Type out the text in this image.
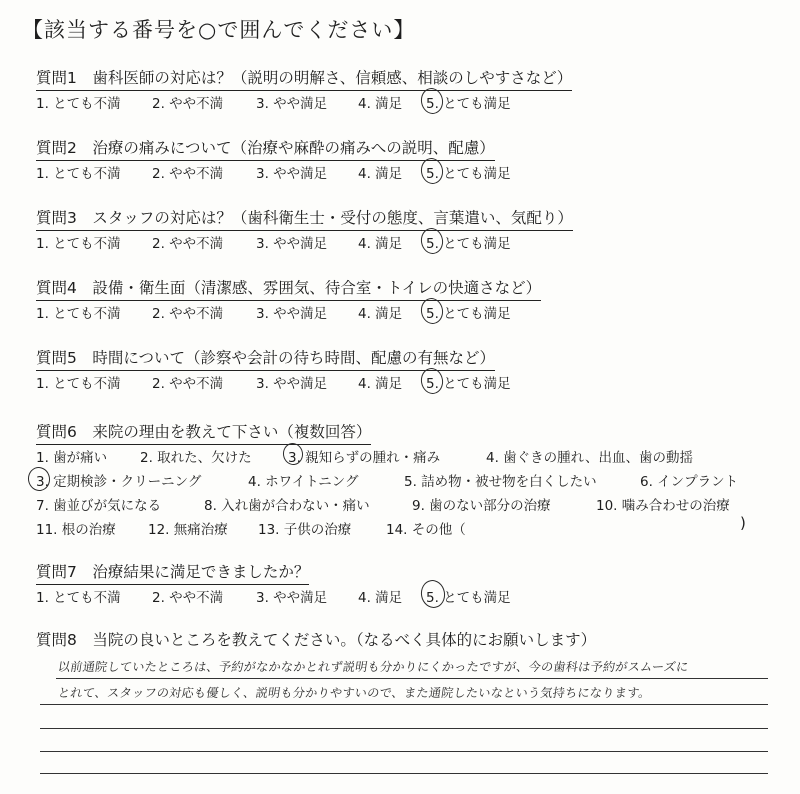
【該当する番号を○で囲んでください】
質問1　歯科医師の対応は？（説明の明解さ、信頼感、相談のしやすさなど）
1. とても不満 2. やや不満 3. やや満足 4. 満足 5. とても満足
質問2　治療の痛みについて（治療や麻酔の痛みへの説明、配慮）
1. とても不満 2. やや不満 3. やや満足 4. 満足 5. とても満足
質問3　スタッフの対応は？（歯科衛生士・受付の態度、言葉遣い、気配り）
1. とても不満 2. やや不満 3. やや満足 4. 満足 5. とても満足
質問4　設備・衛生面（清潔感、雰囲気、待合室・トイレの快適さなど）
1. とても不満 2. やや不満 3. やや満足 4. 満足 5. とても満足
質問5　時間について（診察や会計の待ち時間、配慮の有無など）
1. とても不満 2. やや不満 3. やや満足 4. 満足 5. とても満足
質問6　来院の理由を教えて下さい（複数回答）
1. 歯が痛い 2. 取れた、欠けた	3. 親知らずの腫れ・痛み	4. 歯ぐきの腫れ、出血、歯の動揺
3. 定期検診・クリーニング	4. ホワイトニング	5. 詰め物・被せ物を白くしたい	6. インプラント
7. 歯並びが気になる	8. 入れ歯が合わない・痛い	9. 歯のない部分の治療	10. 噛み合わせの治療
11. 根の治療 12. 無痛治療 13. 子供の治療	14. その他（	)
質問7　治療結果に満足できましたか？
1. とても不満 2. やや不満 3. やや満足 4. 満足 5. とても満足
質問8　当院の良いところを教えてください。（なるべく具体的にお願いします）
以前通院していたところは、予約がなかなかとれず説明も分かりにくかったですが、今の歯科は予約がスムーズに
とれて、スタッフの対応も優しく、説明も分かりやすいので、また通院したいなという気持ちになります。
